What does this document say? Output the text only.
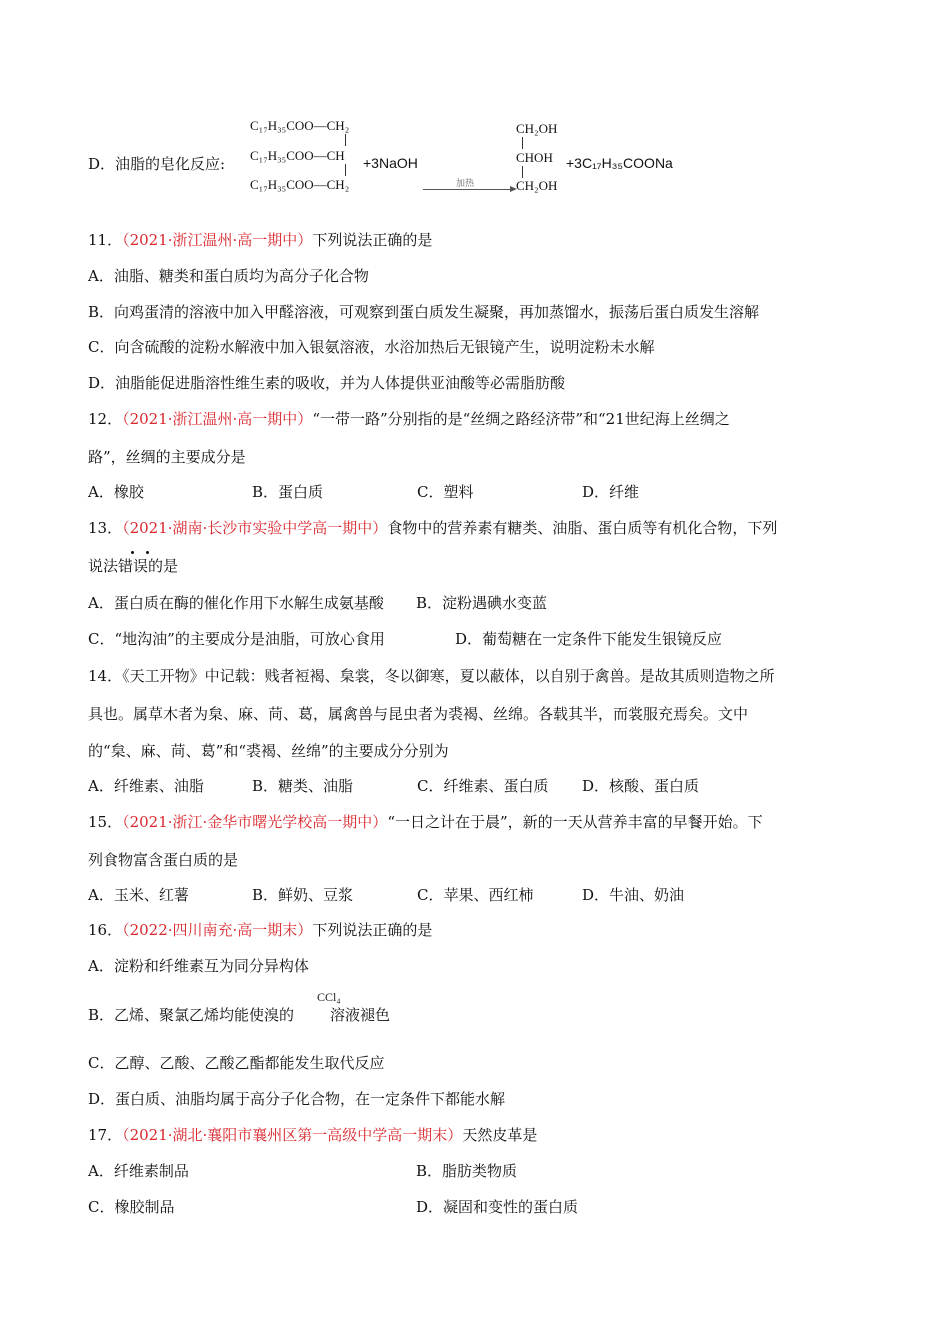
D．油脂的皂化反应:
C₁₇H₃₅COO—CH₂
C₁₇H₃₅COO—CH
C₁₇H₃₅COO—CH₂
+3NaOH
加热
CH₂OH
CHOH
CH₂OH
+3C₁₇H₃₅COONa
11．（2021·浙江温州·高一期中）下列说法正确的是
A．油脂、糖类和蛋白质均为高分子化合物
B．向鸡蛋清的溶液中加入甲醛溶液，可观察到蛋白质发生凝聚，再加蒸馏水，振荡后蛋白质发生溶解
C．向含硫酸的淀粉水解液中加入银氨溶液，水浴加热后无银镜产生，说明淀粉未水解
D．油脂能促进脂溶性维生素的吸收，并为人体提供亚油酸等必需脂肪酸
12．（2021·浙江温州·高一期中）“一带一路”分别指的是“丝绸之路经济带”和“21世纪海上丝绸之
路”，丝绸的主要成分是
A．橡胶	B．蛋白质	C．塑料	D．纤维
13．（2021·湖南·长沙市实验中学高一期中）食物中的营养素有糖类、油脂、蛋白质等有机化合物，下列
说法错误的是
A．蛋白质在酶的催化作用下水解生成氨基酸 B．淀粉遇碘水变蓝
C．“地沟油”的主要成分是油脂，可放心食用	D．葡萄糖在一定条件下能发生银镜反应
14．《天工开物》中记载：贱者裋褐、枲裳，冬以御寒，夏以蔽体，以自别于禽兽。是故其质则造物之所
具也。属草木者为枲、麻、苘、葛，属禽兽与昆虫者为裘褐、丝绵。各载其半，而裳服充焉矣。文中
的“枲、麻、苘、葛”和“裘褐、丝绵”的主要成分分别为
A．纤维素、油脂	B．糖类、油脂	C．纤维素、蛋白质 D．核酸、蛋白质
15．（2021·浙江·金华市曙光学校高一期中）“一日之计在于晨”，新的一天从营养丰富的早餐开始。下
列食物富含蛋白质的是
A．玉米、红薯	B．鲜奶、豆浆	C．苹果、西红柿	D．牛油、奶油
16．（2022·四川南充·高一期末）下列说法正确的是
A．淀粉和纤维素互为同分异构体
B．乙烯、聚氯乙烯均能使溴的 溶液褪色
CCl₄
C．乙醇、乙酸、乙酸乙酯都能发生取代反应
D．蛋白质、油脂均属于高分子化合物，在一定条件下都能水解
17．（2021·湖北·襄阳市襄州区第一高级中学高一期末）天然皮革是
A．纤维素制品	B．脂肪类物质
C．橡胶制品	D．凝固和变性的蛋白质
